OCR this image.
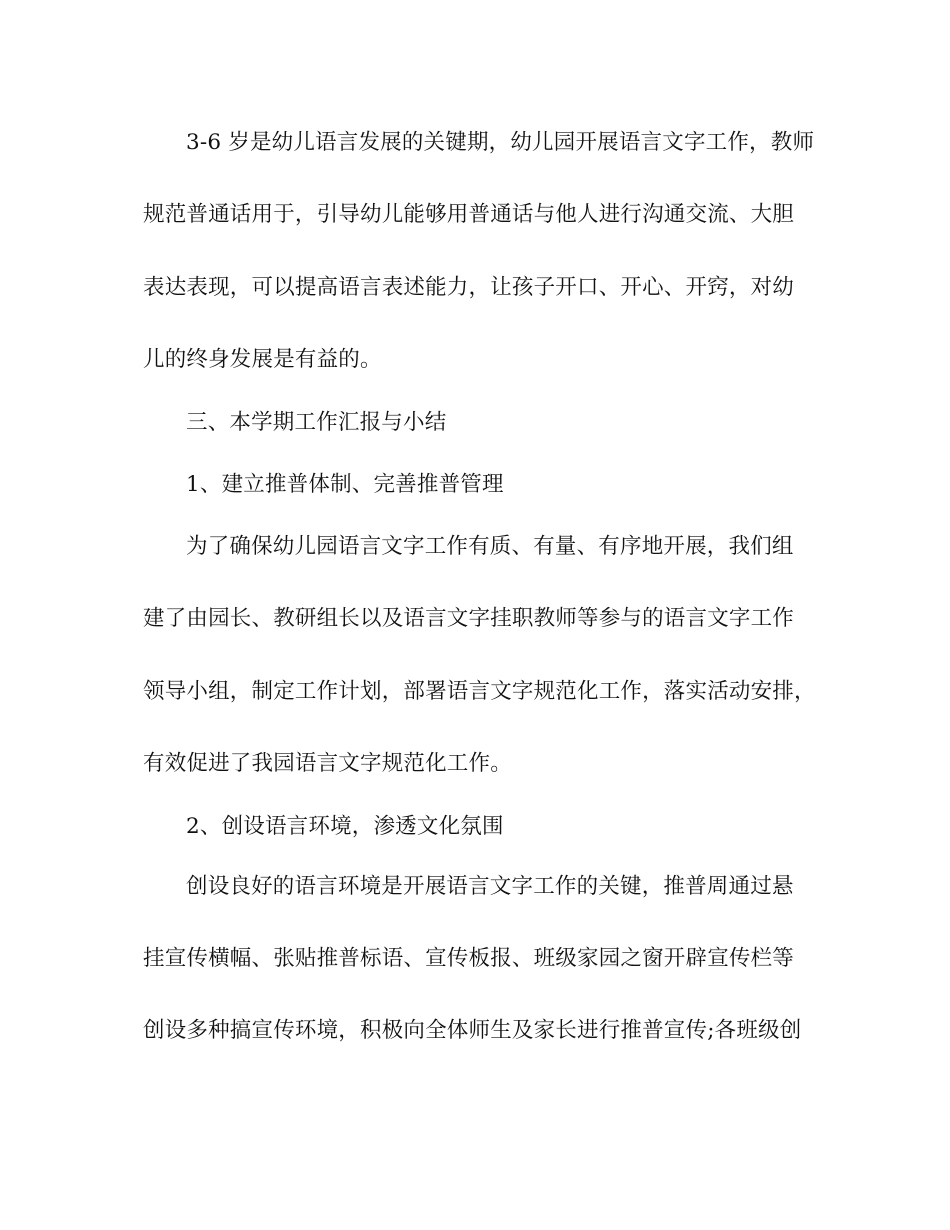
3-6 岁是幼儿语言发展的关键期，幼儿园开展语言文字工作，教师
规范普通话用于，引导幼儿能够用普通话与他人进行沟通交流、大胆
表达表现，可以提高语言表述能力，让孩子开口、开心、开窍，对幼
儿的终身发展是有益的。
三、本学期工作汇报与小结
1、建立推普体制、完善推普管理
为了确保幼儿园语言文字工作有质、有量、有序地开展，我们组
建了由园长、教研组长以及语言文字挂职教师等参与的语言文字工作
领导小组，制定工作计划，部署语言文字规范化工作，落实活动安排，
有效促进了我园语言文字规范化工作。
2、创设语言环境，渗透文化氛围
创设良好的语言环境是开展语言文字工作的关键，推普周通过悬
挂宣传横幅、张贴推普标语、宣传板报、班级家园之窗开辟宣传栏等
创设多种搞宣传环境，积极向全体师生及家长进行推普宣传;各班级创
